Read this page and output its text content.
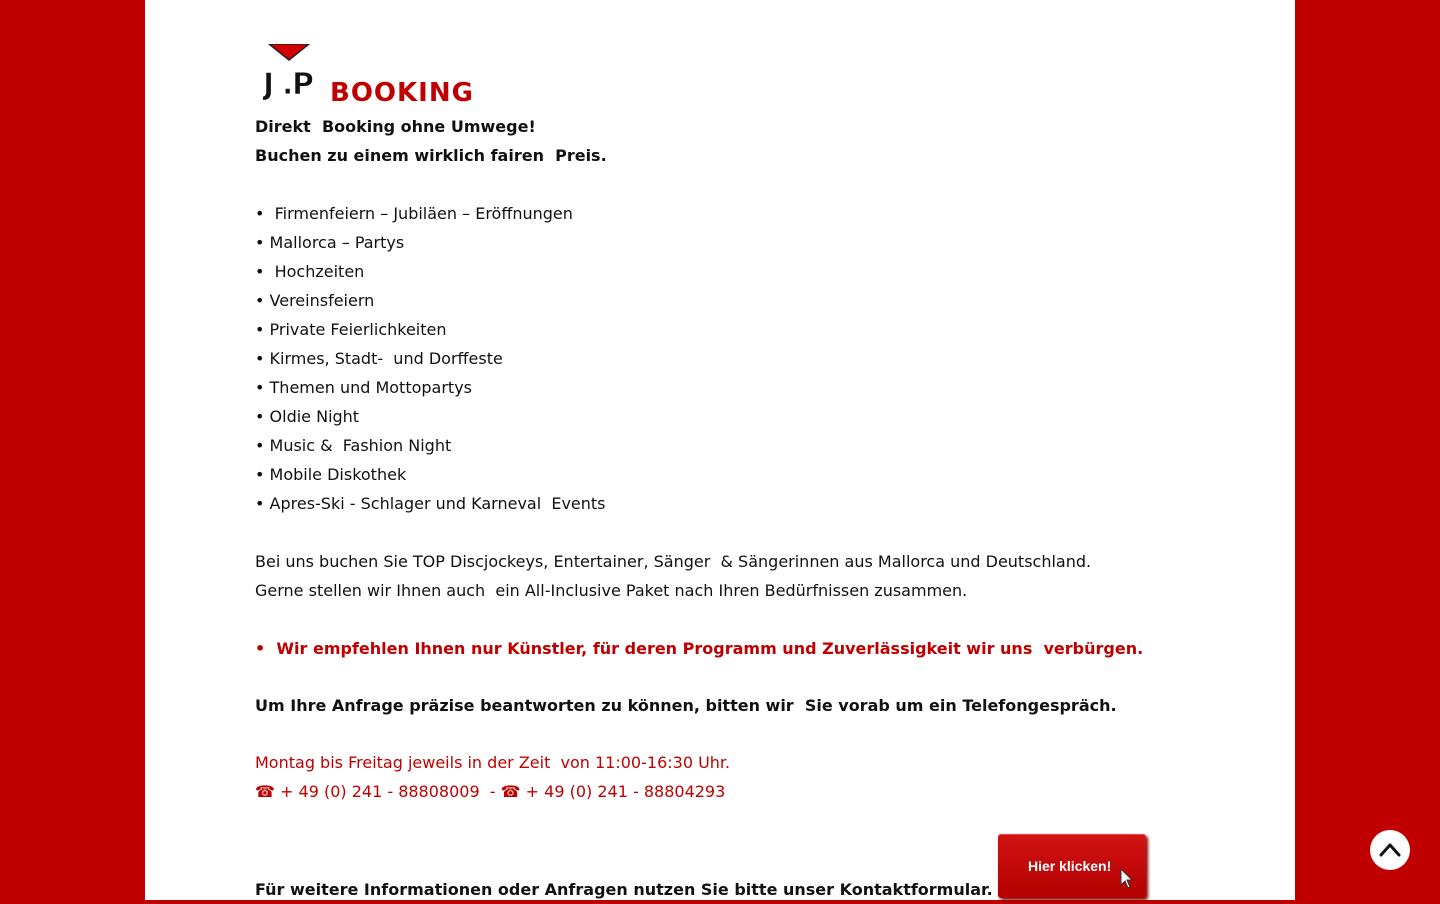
J .
P BOOKING
Direkt  Booking ohne Umwege!
Buchen zu einem wirklich fairen  Preis.
•  Firmenfeiern – Jubiläen – Eröffnungen
• Mallorca – Partys
•  Hochzeiten
• Vereinsfeiern
• Private Feierlichkeiten
• Kirmes, Stadt-  und Dorffeste
• Themen und Mottopartys
• Oldie Night
• Music &  Fashion Night
• Mobile Diskothek
• Apres-Ski - Schlager und Karneval  Events
Bei uns buchen Sie TOP Discjockeys, Entertainer, Sänger  & Sängerinnen aus Mallorca und Deutschland.
Gerne stellen wir Ihnen auch  ein All-Inclusive Paket nach Ihren Bedürfnissen zusammen.
•  Wir empfehlen Ihnen nur Künstler, für deren Programm und Zuverlässigkeit wir uns  verbürgen.
Um Ihre Anfrage präzise beantworten zu können, bitten wir  Sie vorab um ein Telefongespräch.
Montag bis Freitag jeweils in der Zeit  von 11:00-16:30 Uhr.
☎ + 49 (0) 241 - 88808009  - ☎ + 49 (0) 241 - 88804293
Für weitere Informationen oder Anfragen nutzen Sie bitte unser Kontaktformular.
Hier klicken!
